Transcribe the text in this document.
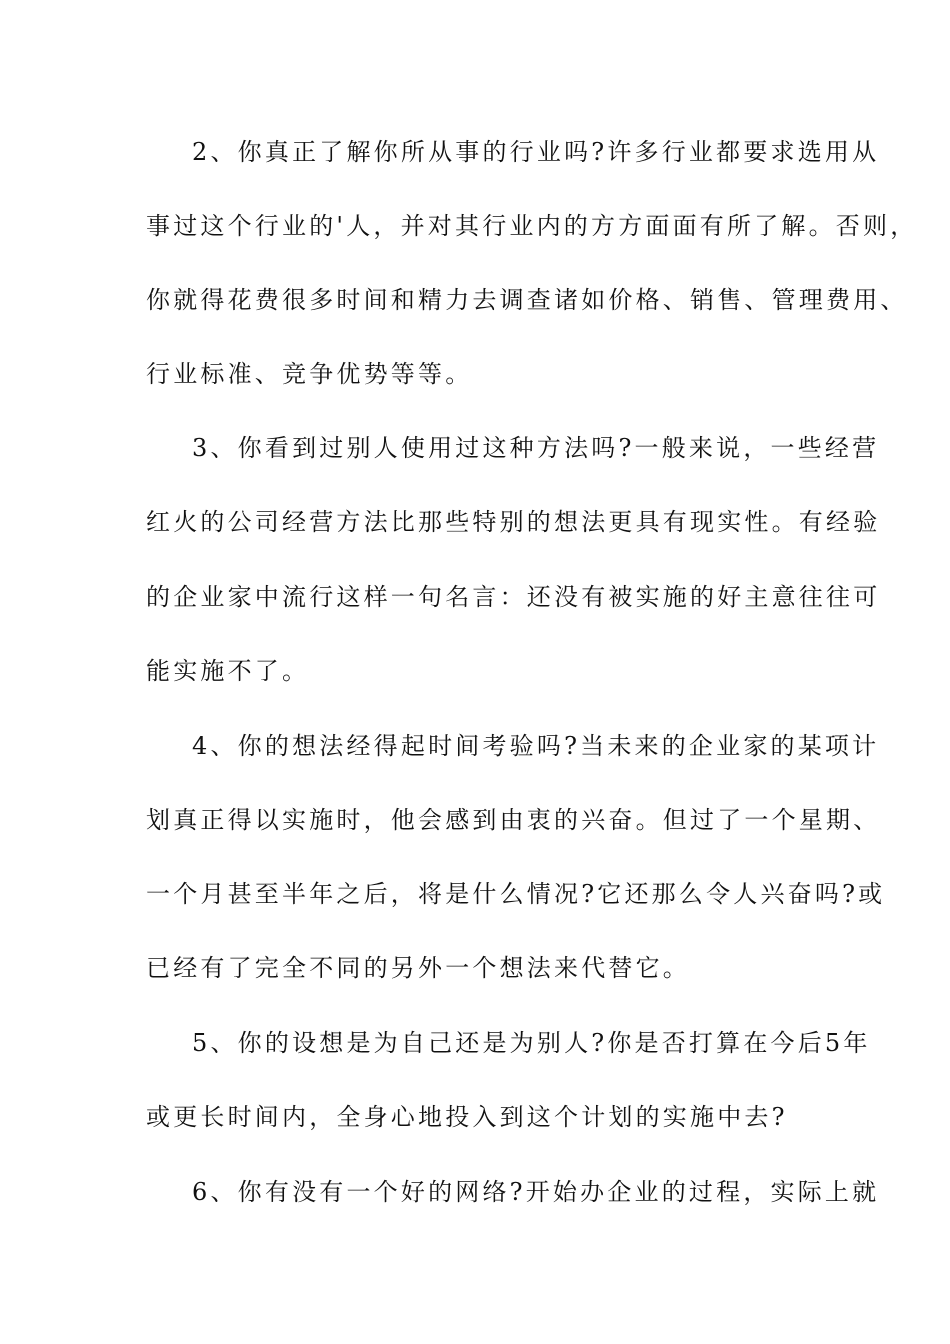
2、你真正了解你所从事的行业吗?许多行业都要求选用从
事过这个行业的'人，并对其行业内的方方面面有所了解。否则，
你就得花费很多时间和精力去调查诸如价格、销售、管理费用、
行业标准、竞争优势等等。
3、你看到过别人使用过这种方法吗?一般来说，一些经营
红火的公司经营方法比那些特别的想法更具有现实性。有经验
的企业家中流行这样一句名言：还没有被实施的好主意往往可
能实施不了。
4、你的想法经得起时间考验吗?当未来的企业家的某项计
划真正得以实施时，他会感到由衷的兴奋。但过了一个星期、
一个月甚至半年之后，将是什么情况?它还那么令人兴奋吗?或
已经有了完全不同的另外一个想法来代替它。
5、你的设想是为自己还是为别人?你是否打算在今后5年
或更长时间内，全身心地投入到这个计划的实施中去?
6、你有没有一个好的网络?开始办企业的过程，实际上就
